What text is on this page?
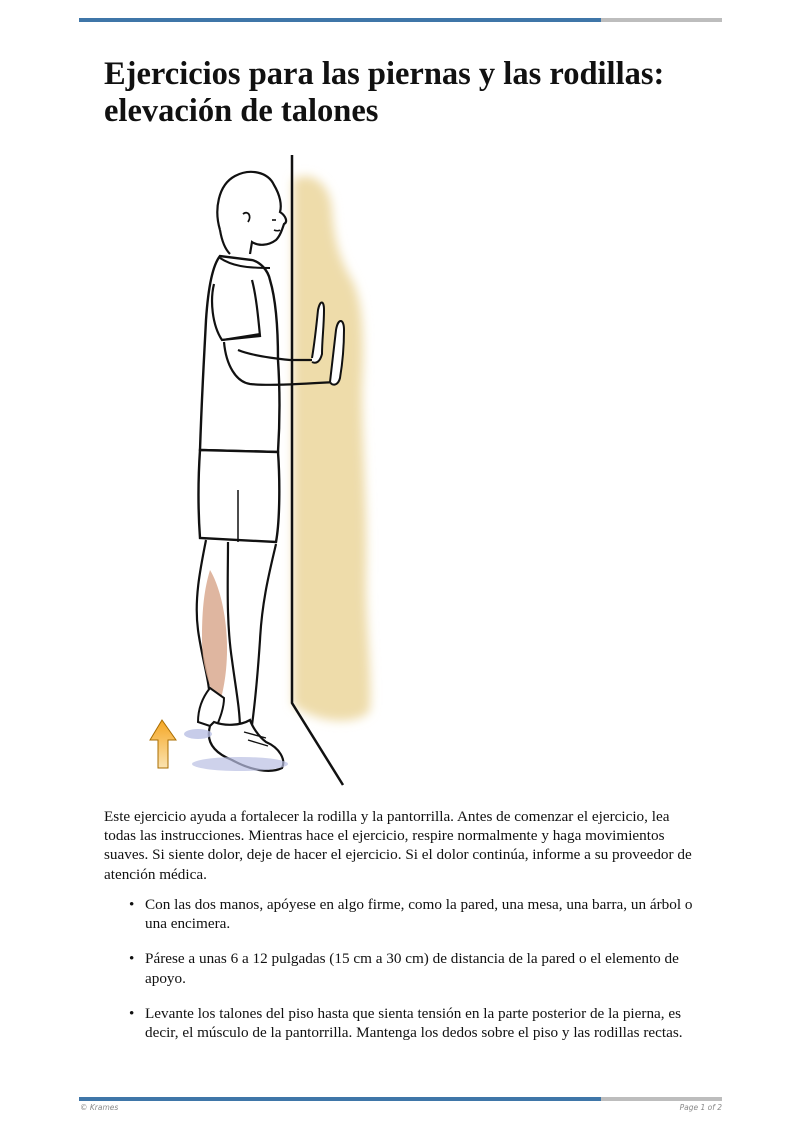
Ejercicios para las piernas y las rodillas:
elevación de talones

Este ejercicio ayuda a fortalecer la rodilla y la pantorrilla. Antes de comenzar el ejercicio, lea todas las instrucciones. Mientras hace el ejercicio, respire normalmente y haga movimientos suaves. Si siente dolor, deje de hacer el ejercicio. Si el dolor continúa, informe a su proveedor de atención médica.

• Con las dos manos, apóyese en algo firme, como la pared, una mesa, una barra, un árbol o una encimera.
• Párese a unas 6 a 12 pulgadas (15 cm a 30 cm) de distancia de la pared o el elemento de apoyo.
• Levante los talones del piso hasta que sienta tensión en la parte posterior de la pierna, es decir, el músculo de la pantorrilla. Mantenga los dedos sobre el piso y las rodillas rectas.
© Krames	Page 1 of 2
